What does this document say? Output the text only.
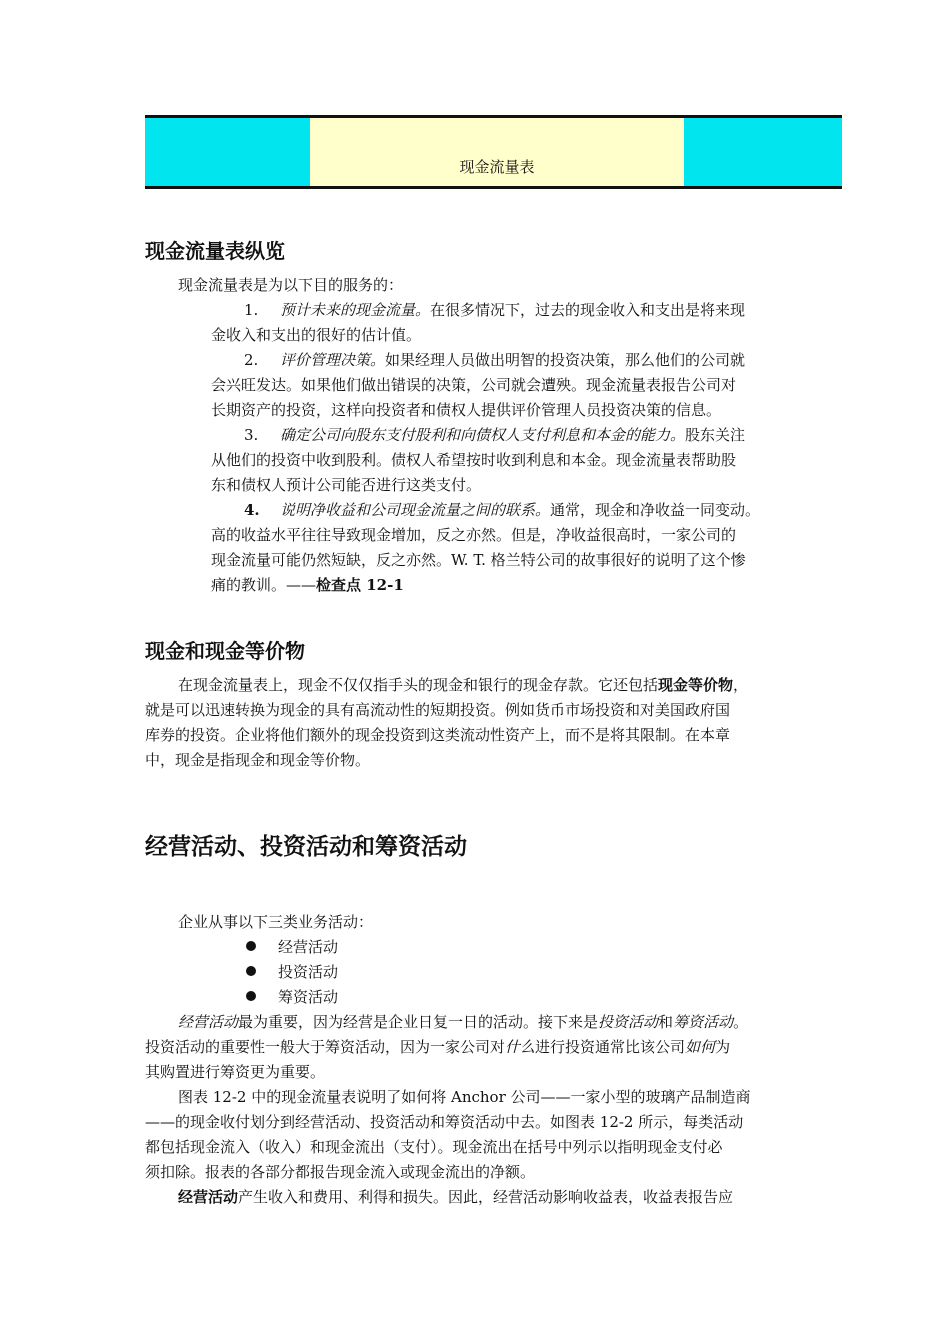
现金流量表
现金流量表纵览
现金流量表是为以下目的服务的：
1. 预计未来的现金流量。在很多情况下，过去的现金收入和支出是将来现
金收入和支出的很好的估计值。
2. 评价管理决策。如果经理人员做出明智的投资决策，那么他们的公司就
会兴旺发达。如果他们做出错误的决策，公司就会遭殃。现金流量表报告公司对
长期资产的投资，这样向投资者和债权人提供评价管理人员投资决策的信息。
3. 确定公司向股东支付股利和向债权人支付利息和本金的能力。股东关注
从他们的投资中收到股利。债权人希望按时收到利息和本金。现金流量表帮助股
东和债权人预计公司能否进行这类支付。
4. 说明净收益和公司现金流量之间的联系。通常，现金和净收益一同变动。
高的收益水平往往导致现金增加，反之亦然。但是，净收益很高时，一家公司的
现金流量可能仍然短缺，反之亦然。W. T. 格兰特公司的故事很好的说明了这个惨
痛的教训。——检查点 12-1
现金和现金等价物
在现金流量表上，现金不仅仅指手头的现金和银行的现金存款。它还包括现金等价物，
就是可以迅速转换为现金的具有高流动性的短期投资。例如货币市场投资和对美国政府国
库券的投资。企业将他们额外的现金投资到这类流动性资产上，而不是将其限制。在本章
中，现金是指现金和现金等价物。
经营活动、投资活动和筹资活动
企业从事以下三类业务活动：
经营活动
投资活动
筹资活动
经营活动最为重要，因为经营是企业日复一日的活动。接下来是投资活动和筹资活动。
投资活动的重要性一般大于筹资活动，因为一家公司对什么进行投资通常比该公司如何为
其购置进行筹资更为重要。
图表 12-2 中的现金流量表说明了如何将 Anchor 公司——一家小型的玻璃产品制造商
——的现金收付划分到经营活动、投资活动和筹资活动中去。如图表 12-2 所示，每类活动
都包括现金流入（收入）和现金流出（支付）。现金流出在括号中列示以指明现金支付必
须扣除。报表的各部分都报告现金流入或现金流出的净额。
经营活动产生收入和费用、利得和损失。因此，经营活动影响收益表，收益表报告应
